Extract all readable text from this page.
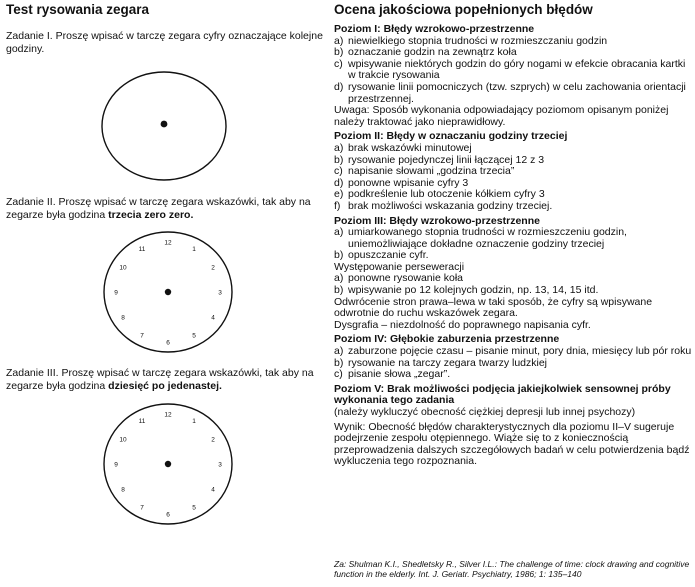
Test rysowania zegara
Zadanie I. Proszę wpisać w tarczę zegara cyfry oznaczające kolejne godziny.
Zadanie II. Proszę wpisać w tarczę zegara wskazówki, tak aby na zegarze była godzina trzecia zero zero.
12
1
2
3
4
5
6
7
8
9
10
11
Zadanie III. Proszę wpisać w tarczę zegara wskazówki, tak aby na zegarze była godzina dziesięć po jedenastej.
12
1
2
3
4
5
6
7
8
9
10
11
Ocena jakościowa popełnionych błędów
Poziom I: Błędy wzrokowo-przestrzenne
a) niewielkiego stopnia trudności w rozmieszczaniu godzin
b) oznaczanie godzin na zewnątrz koła
c) wpisywanie niektórych godzin do góry nogami w efekcie obracania kartki w trakcie rysowania
d) rysowanie linii pomocniczych (tzw. szprych) w celu zachowania orientacji przestrzennej.
Uwaga: Sposób wykonania odpowiadający poziomom opisanym poniżej należy traktować jako nieprawidłowy.
Poziom II: Błędy w oznaczaniu godziny trzeciej
a) brak wskazówki minutowej
b) rysowanie pojedynczej linii łączącej 12 z 3
c) napisanie słowami „godzina trzecia”
d) ponowne wpisanie cyfry 3
e) podkreślenie lub otoczenie kółkiem cyfry 3
f) brak możliwości wskazania godziny trzeciej.
Poziom III: Błędy wzrokowo-przestrzenne
a) umiarkowanego stopnia trudności w rozmieszczeniu godzin, uniemożliwiające dokładne oznaczenie godziny trzeciej
b) opuszczanie cyfr.
Występowanie perseweracji
a) ponowne rysowanie koła
b) wpisywanie po 12 kolejnych godzin, np. 13, 14, 15 itd.
Odwrócenie stron prawa–lewa w taki sposób, że cyfry są wpisywane odwrotnie do ruchu wskazówek zegara.
Dysgrafia – niezdolność do poprawnego napisania cyfr.
Poziom IV: Głębokie zaburzenia przestrzenne
a) zaburzone pojęcie czasu – pisanie minut, pory dnia, miesięcy lub pór roku
b) rysowanie na tarczy zegara twarzy ludzkiej
c) pisanie słowa „zegar”.
Poziom V: Brak możliwości podjęcia jakiejkolwiek sensownej próby wykonania tego zadania
(należy wykluczyć obecność ciężkiej depresji lub innej psychozy)
Wynik: Obecność błędów charakterystycznych dla poziomu II–V sugeruje podejrzenie zespołu otępiennego. Wiąże się to z koniecznością przeprowadzenia dalszych szczegółowych badań w celu potwierdzenia bądź wykluczenia tego rozpoznania.
Za: Shulman K.I., Shedletsky R., Silver I.L.: The challenge of time: clock drawing and cognitive function in the elderly. Int. J. Geriatr. Psychiatry, 1986; 1: 135–140
